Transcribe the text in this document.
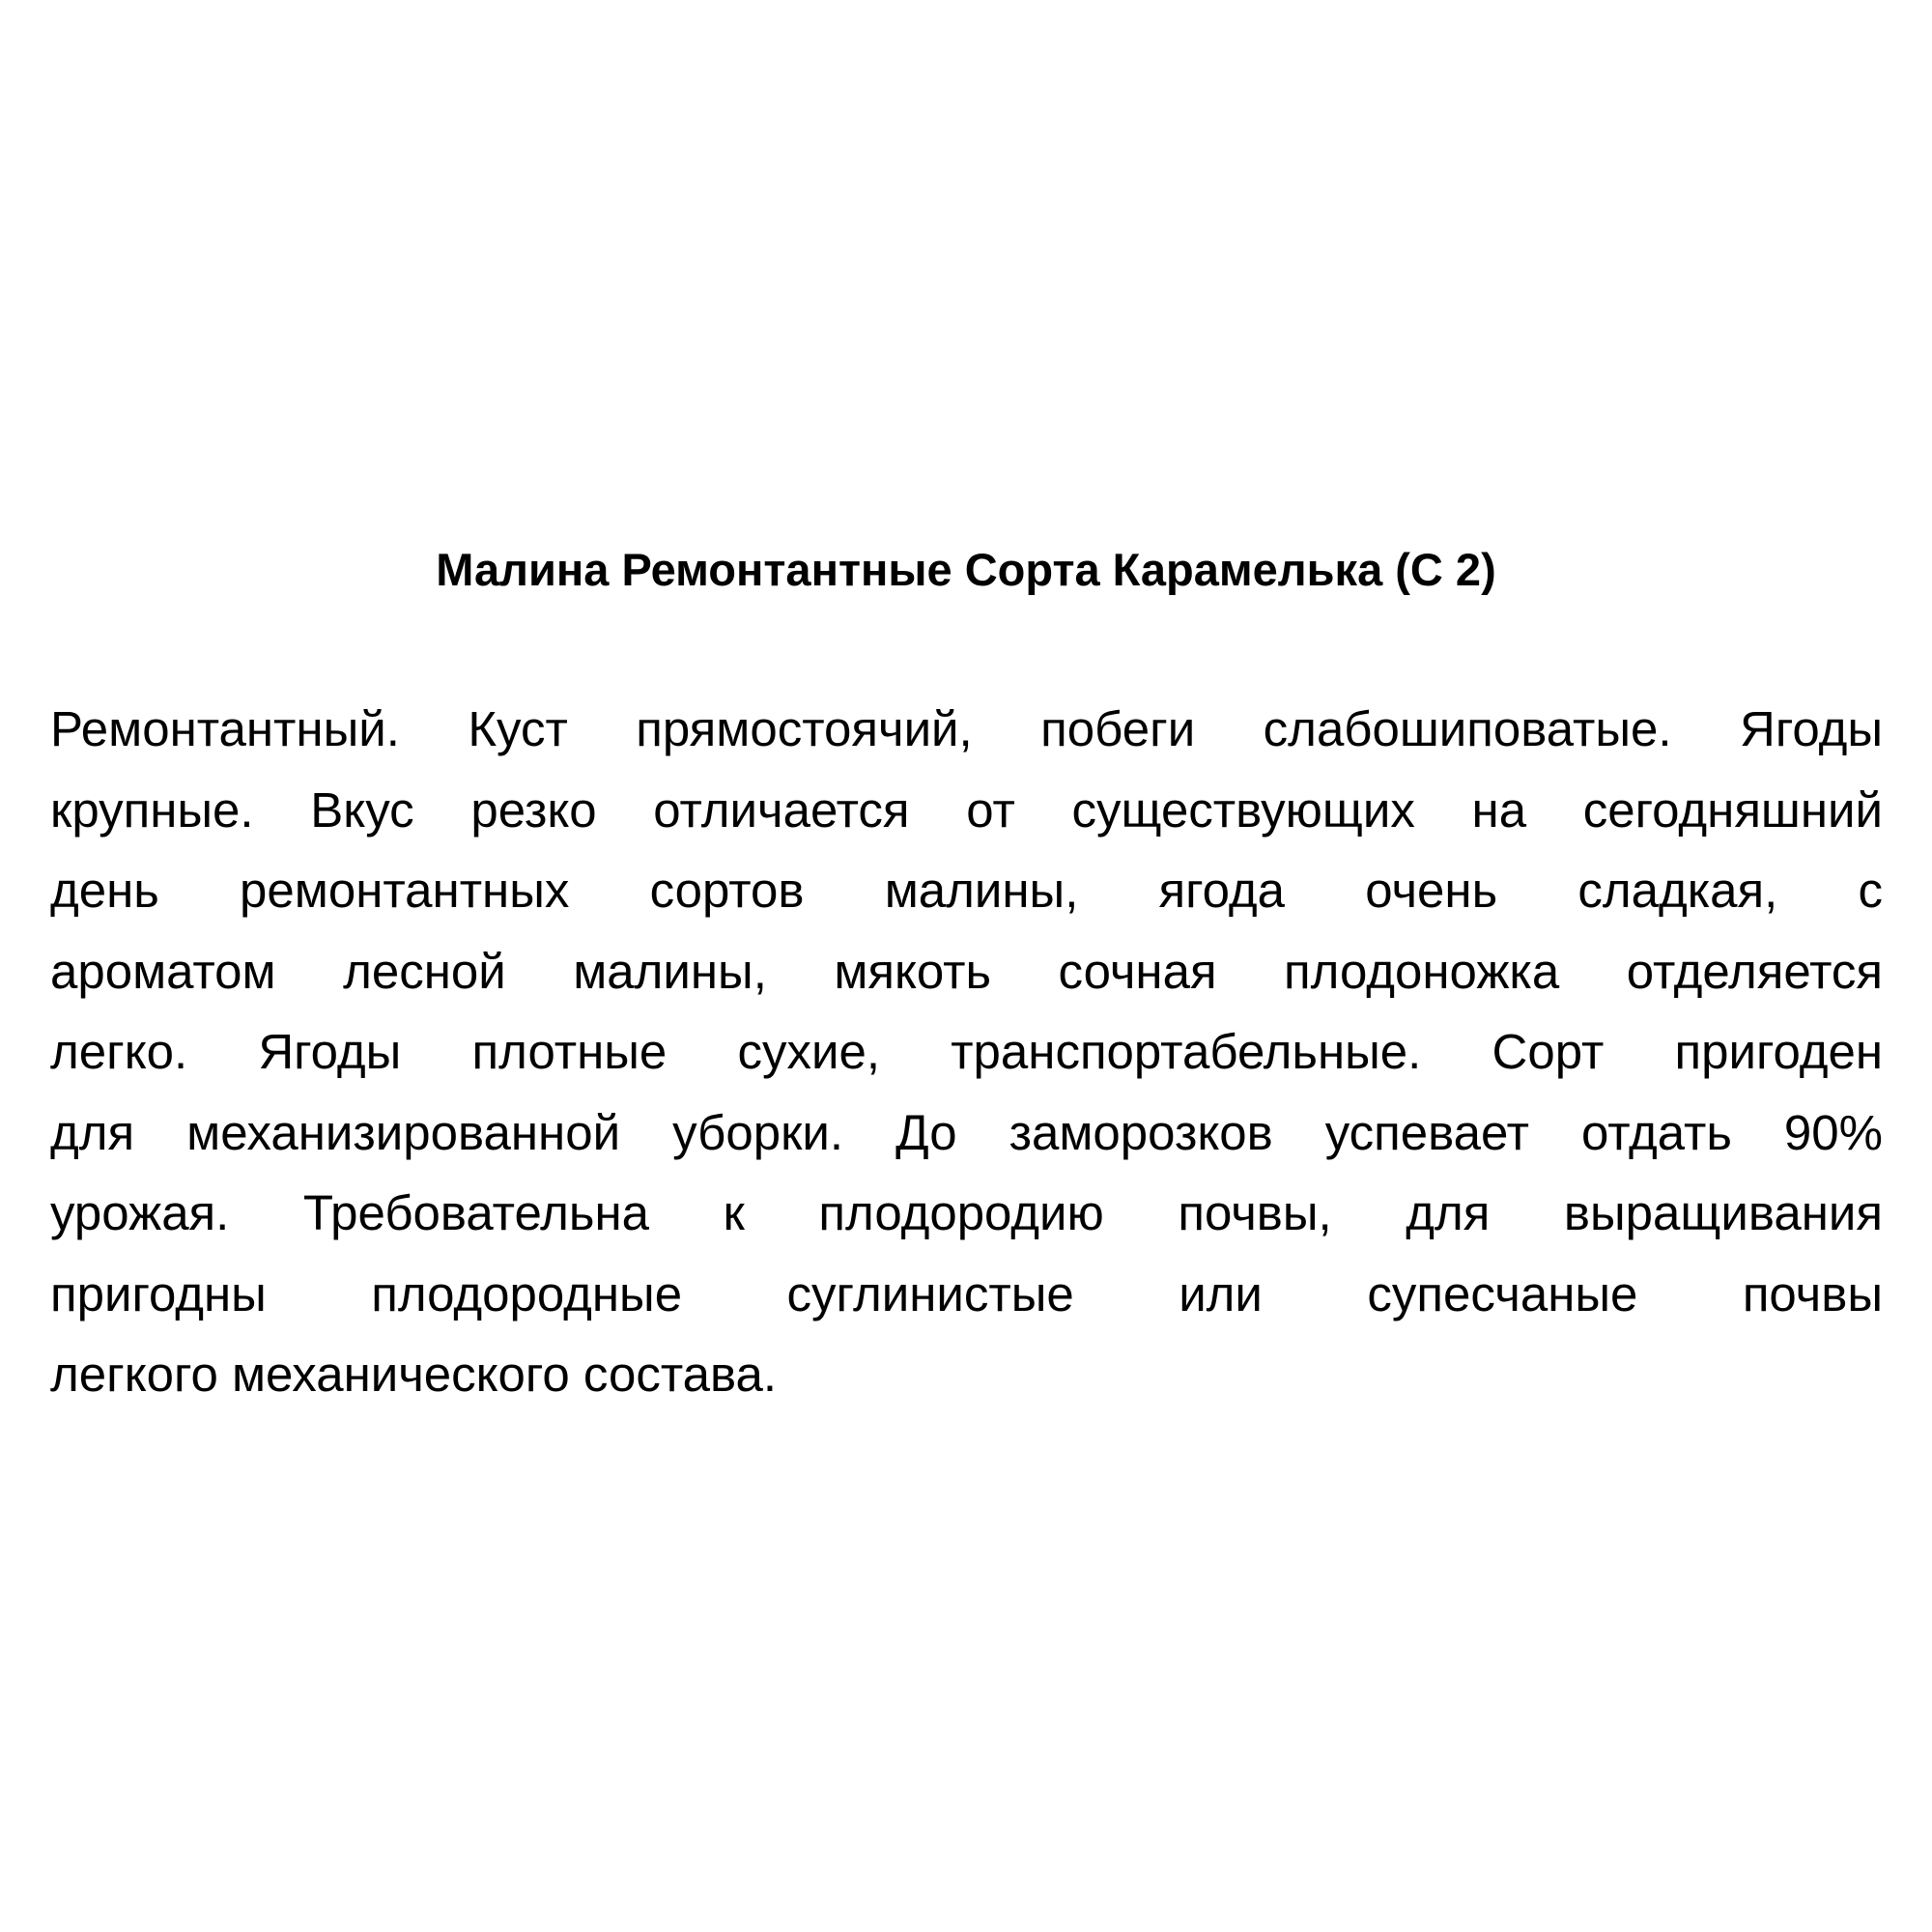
Малина Ремонтантные Сорта Карамелька (С 2)
Ремонтантный. Куст прямостоячий, побеги слабошиповатые. Ягоды
крупные. Вкус резко отличается от существующих на сегодняшний
день ремонтантных сортов малины, ягода очень сладкая, с
ароматом лесной малины, мякоть сочная плодоножка отделяется
легко. Ягоды плотные сухие, транспортабельные. Сорт пригоден
для механизированной уборки. До заморозков успевает отдать 90%
урожая. Требовательна к плодородию почвы, для выращивания
пригодны плодородные суглинистые или супесчаные почвы
легкого механического состава.
